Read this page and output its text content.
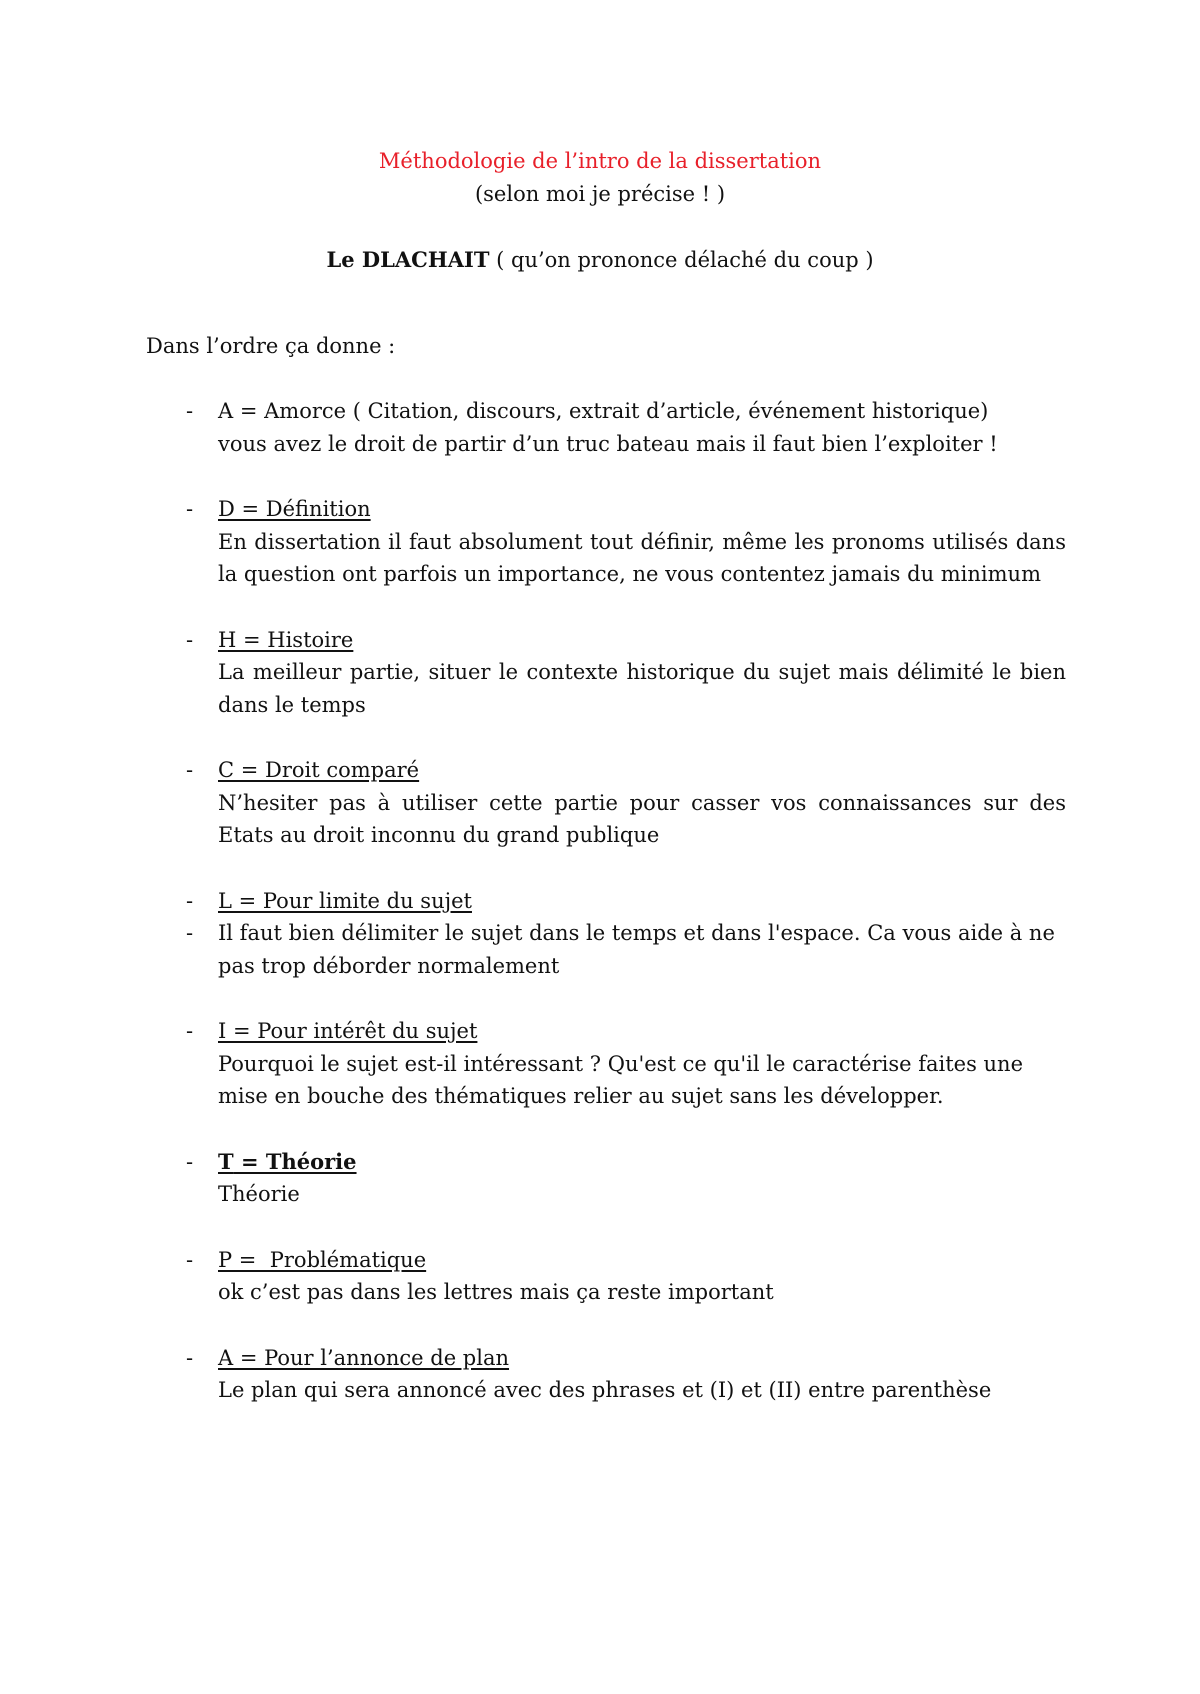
Méthodologie de l’intro de la dissertation
(selon moi je précise ! )
Le DLACHAIT ( qu’on prononce délaché du coup )
Dans l’ordre ça donne :
- A = Amorce ( Citation, discours, extrait d’article, événement historique)
vous avez le droit de partir d’un truc bateau mais il faut bien l’exploiter !
- D = Définition
En dissertation il faut absolument tout définir, même les pronoms utilisés dans la question ont parfois un importance, ne vous contentez jamais du minimum
- H = Histoire
La meilleur partie, situer le contexte historique du sujet mais délimité le bien dans le temps
- C = Droit comparé
N’hesiter pas à utiliser cette partie pour casser vos connaissances sur des Etats au droit inconnu du grand publique
- L = Pour limite du sujet
- Il faut bien délimiter le sujet dans le temps et dans l'espace. Ca vous aide à ne pas trop déborder normalement
- I = Pour intérêt du sujet
Pourquoi le sujet est-il intéressant ? Qu'est ce qu'il le caractérise faites une mise en bouche des thématiques relier au sujet sans les développer.
- T = Théorie
Théorie
- P =  Problématique
ok c’est pas dans les lettres mais ça reste important
- A = Pour l’annonce de plan
Le plan qui sera annoncé avec des phrases et (I) et (II) entre parenthèse
